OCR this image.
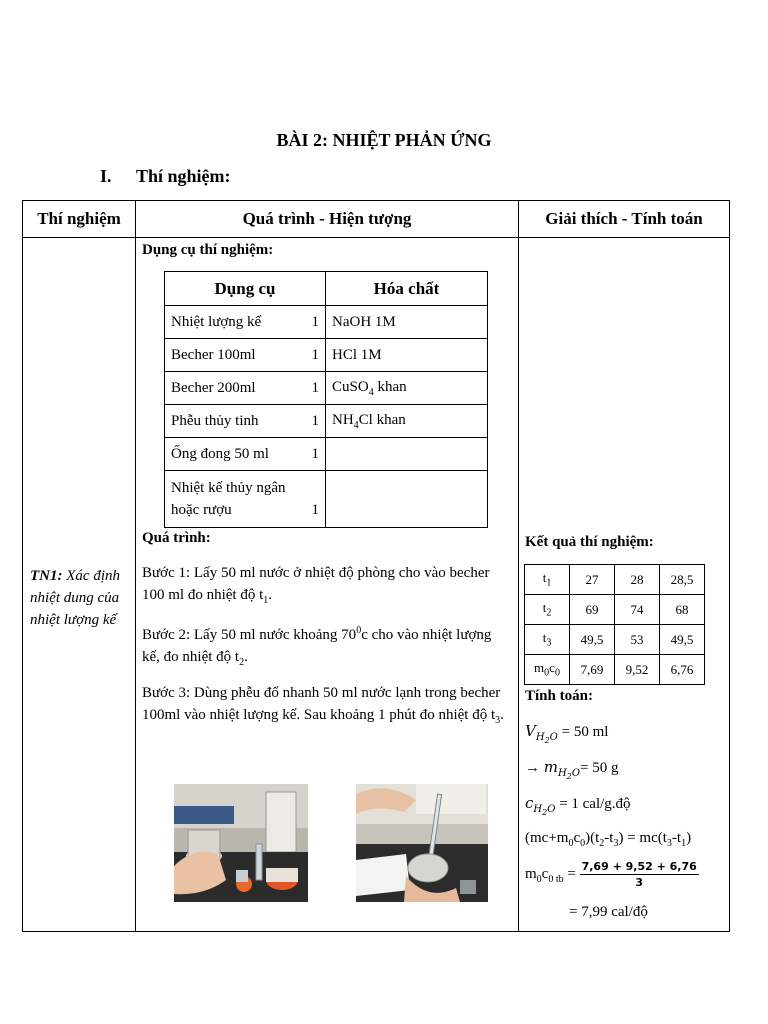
BÀI 2: NHIỆT PHẢN ỨNG
I. Thí nghiệm:
Thí nghiệm	Quá trình - Hiện tượng	Giải thích - Tính toán

TN1: Xác định nhiệt dung của nhiệt lượng kế

Dụng cụ thí nghiệm:
Dụng cụ	Hóa chất
Nhiệt lượng kế	1	NaOH 1M
Becher 100ml	1	HCl 1M
Becher 200ml	1	CuSO$_4$ khan
Phễu thủy tinh	1	$NH_4Cl$ khan
Ống đong 50 ml	1

Nhiệt kế thủy ngân
hoặc rượu	1

Quá trình:

Bước 1: Lấy 50 ml nước ở nhiệt độ phòng cho vào becher 100 ml đo nhiệt độ $t_1$.

Bước 2: Lấy 50 ml nước khoảng $70^0c$ cho vào nhiệt lượng kế, đo nhiệt độ $t_2$.

Bước 3: Dùng phễu đổ nhanh 50 ml nước lạnh trong becher 100ml vào nhiệt lượng kế. Sau khoảng 1 phút đo nhiệt độ $t_3$.

Kết quả thí nghiệm:
$t_1$	27	28	28,5
$t_2$	69	74	68
$t_3$	49,5	53	49,5
$m_0c_0$	7,69	9,52	6,76
Tính toán:
$V_{H_2O} = 50$ ml
→ $m_{H_2O}= 50$ g
$c_{H_2O} = 1$ cal/g.độ
$(mc+m_0c_0)(t_2-t_3) = mc(t_3-t_1)$
$m_0c_{0 tb} = \frac{7,69 + 9,52 + 6,76}{3}$
= 7,99 cal/độ
